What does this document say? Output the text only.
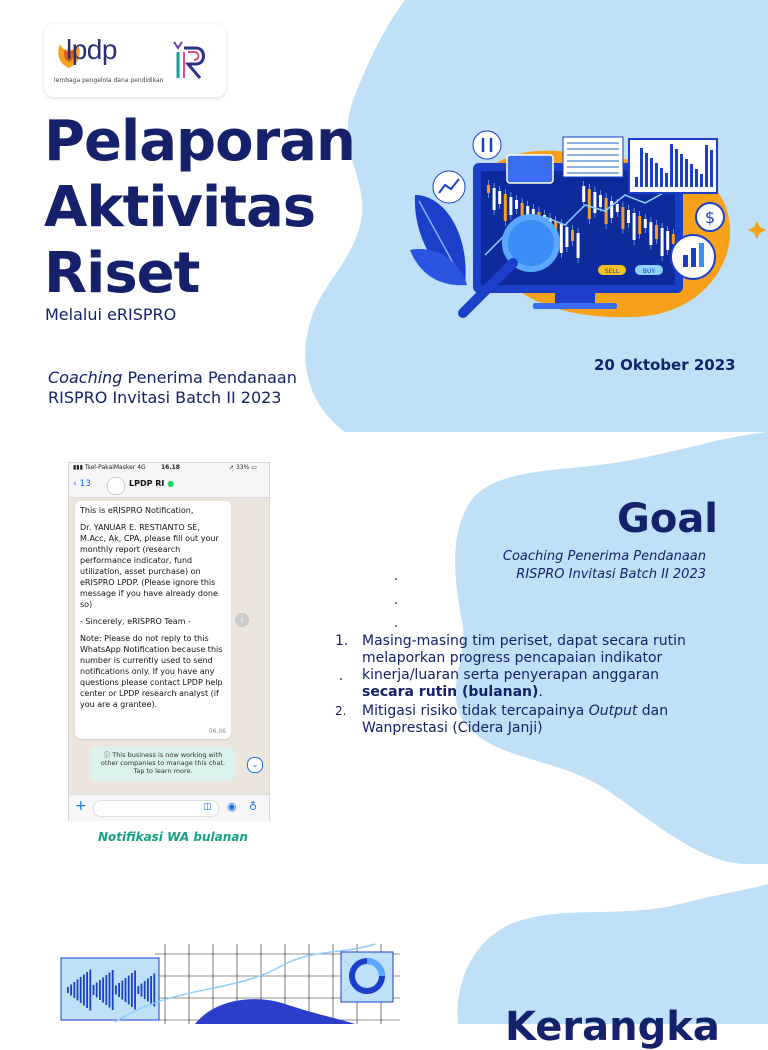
lpdp
lembaga pengelola dana pendidikan
Pelaporan
Aktivitas
Riset
Melalui eRISPRO
Coaching Penerima Pendanaan
RISPRO Invitasi Batch II 2023
20 Oktober 2023
SELL	BUY
$
▮▮▮ Tsel-PakaiMasker 4G	16.18	➚ 33% ▭
‹ 13	LPDP RI ●

This is eRISPRO Notification,

Dr. YANUAR E. RESTIANTO SE, M.Acc, Ak, CPA, please fill out your monthly report (research performance indicator, fund utilization, asset purchase) on eRISPRO LPDP. (Please ignore this message if you have already done so)

- Sincerely, eRISPRO Team -

Note: Please do not reply to this WhatsApp Notification because this number is currently used to send notifications only. If you have any questions please contact LPDP help center or LPDP research analyst (if you are a grantee).

06.06
i
ⓘ This business is now working with other companies to manage this chat. Tap to learn more.
⌄
+	◫ ◉ ♁
Notifikasi WA bulanan
Goal
Coaching Penerima Pendanaan
RISPRO Invitasi Batch II 2023
1. Masing-masing tim periset, dapat secara rutin melaporkan progress pencapaian indikator kinerja/luaran serta penyerapan anggaran secara rutin (bulanan).
2. Mitigasi risiko tidak tercapainya Output dan Wanprestasi (Cidera Janji)
Kerangka
